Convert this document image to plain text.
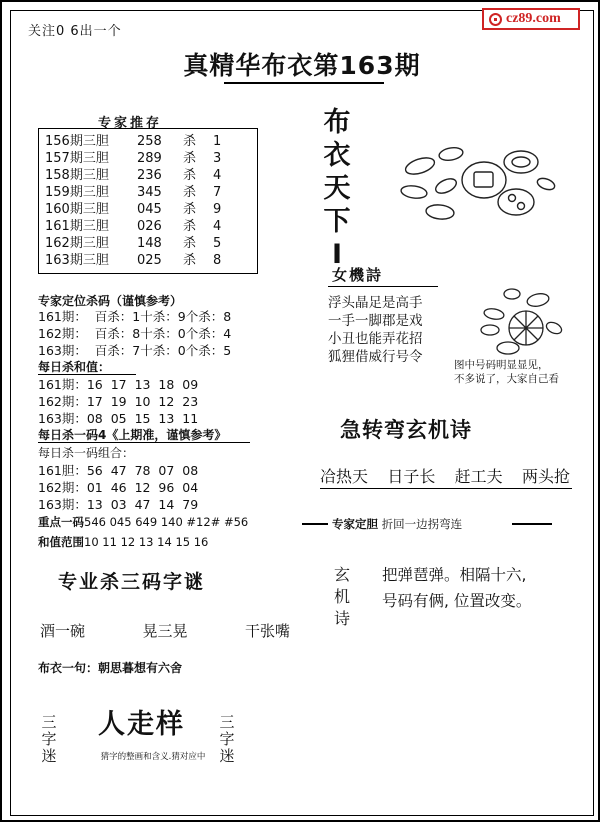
关注0 6出一个
cz89.com
真精华布衣第163期
专家推存
156期三胆	258	杀	1
157期三胆	289	杀	3
158期三胆	236	杀	4
159期三胆	345	杀	7
160期三胆	045	杀	9
161期三胆	026	杀	4
162期三胆	148	杀	5
163期三胆	025	杀	8
专家定位杀码（谨慎参考）
161期：  百杀：1十杀：9个杀：8
162期：  百杀：8十杀：0个杀：4
163期：  百杀：7十杀：0个杀：5
每日杀和值：
161期：16  17  13  18  09
162期：17  19  10  12  23
163期：08  05  15  13  11
每日杀一码4《上期准，谨慎参考》
每日杀一码组合：
161胆：56  47  78  07  08
162期：01  46  12  96  04
163期：13  03  47  14  79
重点一码546 045 649 140 #12# #56
和值范围10 11 12 13 14 15 16
专业杀三码字谜
酒一碗	晃三晃	干张嘴
布衣一句：朝思暮想有六舍
人走样
猜字的整画和含义.猜对应中
三字迷
三字迷
布衣天下I
女機詩
浮头晶足是高手
一手一脚郡是戏
小丑也能弄花招
狐狸借威行号令	图中号码明显显见，
不多说了，大家自己看
急转弯玄机诗
冾热天 日子长 赶工夫 两头抢
专家定胆 折回一边拐弯连
玄机诗
把弹琶弹。相隔十六,
号码有俩, 位置改变。
